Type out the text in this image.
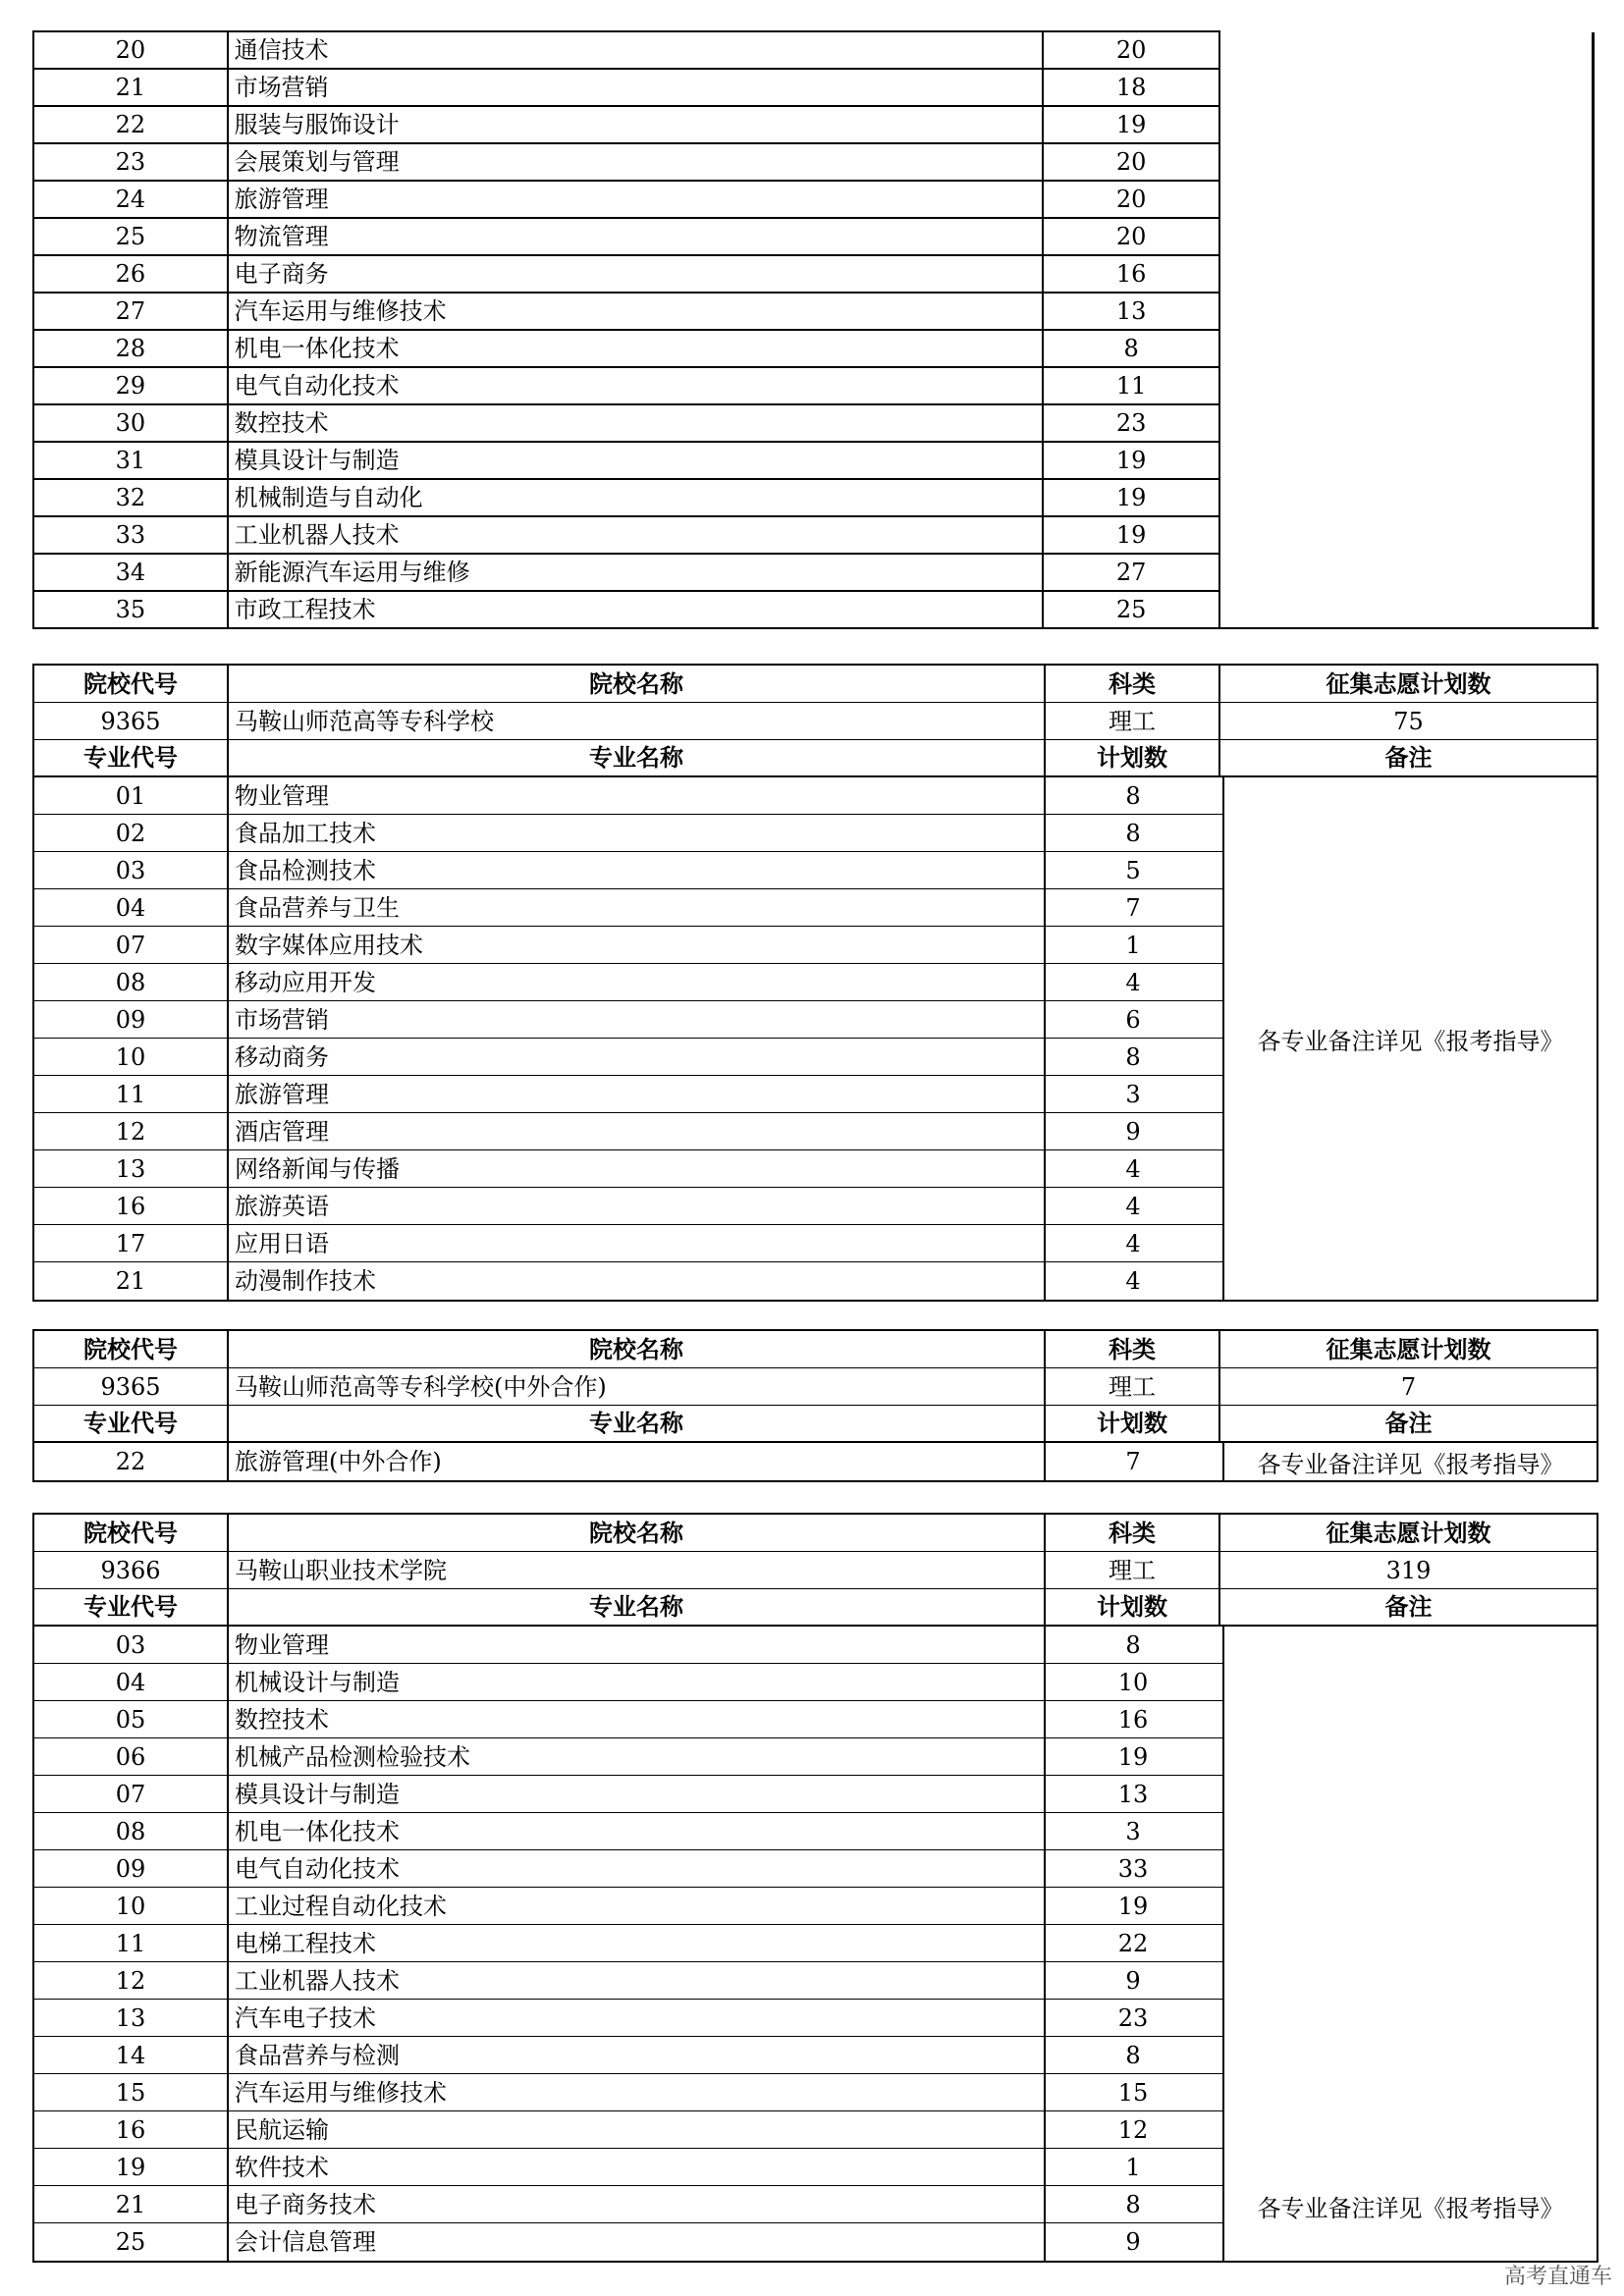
20	通信技术	20
21	市场营销	18
22	服装与服饰设计	19
23	会展策划与管理	20
24	旅游管理	20
25	物流管理	20
26	电子商务	16
27	汽车运用与维修技术	13
28	机电一体化技术	8
29	电气自动化技术	11
30	数控技术	23
31	模具设计与制造	19
32	机械制造与自动化	19
33	工业机器人技术	19
34	新能源汽车运用与维修	27
35	市政工程技术	25
院校代号	院校名称	科类	征集志愿计划数
9365	马鞍山师范高等专科学校	理工	75
专业代号	专业名称	计划数	备注
01	物业管理	8
02	食品加工技术	8
03	食品检测技术	5
04	食品营养与卫生	7
07	数字媒体应用技术	1
08	移动应用开发	4
09	市场营销	6
10	移动商务	8
11	旅游管理	3
12	酒店管理	9
13	网络新闻与传播	4
16	旅游英语	4
17	应用日语	4
21	动漫制作技术	4
各专业备注详见《报考指导》
院校代号	院校名称	科类	征集志愿计划数
9365	马鞍山师范高等专科学校(中外合作)	理工	7
专业代号	专业名称	计划数	备注
22	旅游管理(中外合作)	7	各专业备注详见《报考指导》
院校代号	院校名称	科类	征集志愿计划数
9366	马鞍山职业技术学院	理工	319
专业代号	专业名称	计划数	备注
03	物业管理	8
04	机械设计与制造	10
05	数控技术	16
06	机械产品检测检验技术	19
07	模具设计与制造	13
08	机电一体化技术	3
09	电气自动化技术	33
10	工业过程自动化技术	19
11	电梯工程技术	22
12	工业机器人技术	9
13	汽车电子技术	23
14	食品营养与检测	8
15	汽车运用与维修技术	15
16	民航运输	12
19	软件技术	1
21	电子商务技术	8
25	会计信息管理	9
各专业备注详见《报考指导》
高考直通车
